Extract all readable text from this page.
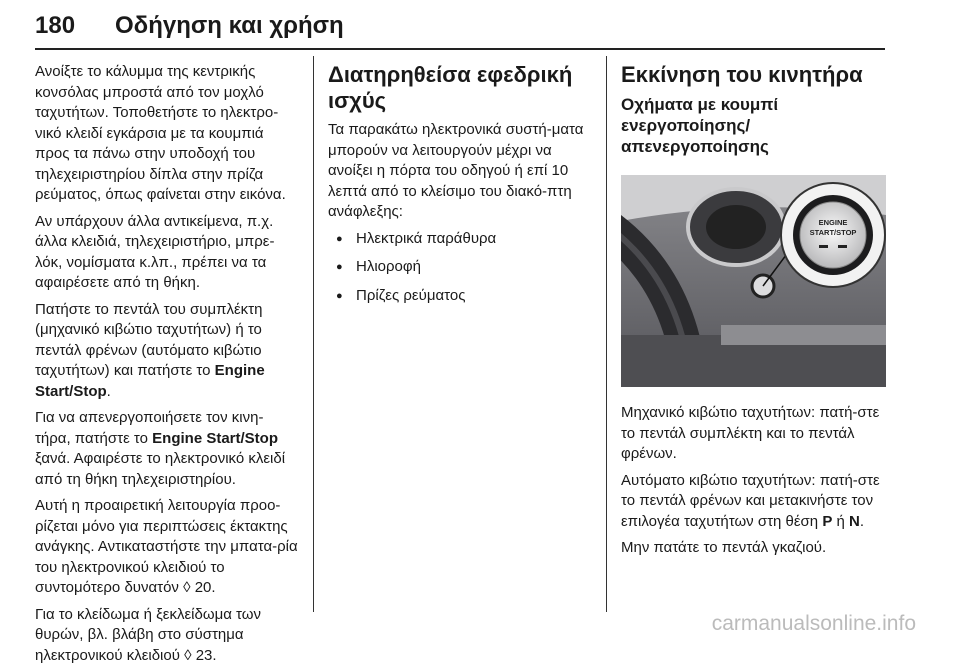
180 Οδήγηση και χρήση

Ανοίξτε το κάλυμμα της κεντρικής κονσόλας μπροστά από τον μοχλό ταχυτήτων. Τοποθετήστε το ηλεκτρο-νικό κλειδί εγκάρσια με τα κουμπιά προς τα πάνω στην υποδοχή του τηλεχειριστηρίου δίπλα στην πρίζα ρεύματος, όπως φαίνεται στην εικόνα.

Αν υπάρχουν άλλα αντικείμενα, π.χ. άλλα κλειδιά, τηλεχειριστήριο, μπρε-λόκ, νομίσματα κ.λπ., πρέπει να τα αφαιρέσετε από τη θήκη.

Πατήστε το πεντάλ του συμπλέκτη (μηχανικό κιβώτιο ταχυτήτων) ή το πεντάλ φρένων (αυτόματο κιβώτιο ταχυτήτων) και πατήστε το Engine Start/Stop.

Για να απενεργοποιήσετε τον κινη-τήρα, πατήστε το Engine Start/Stop ξανά. Αφαιρέστε το ηλεκτρονικό κλειδί από τη θήκη τηλεχειριστηρίου.

Αυτή η προαιρετική λειτουργία προο-ρίζεται μόνο για περιπτώσεις έκτακτης ανάγκης. Αντικαταστήστε την μπατα-ρία του ηλεκτρονικού κλειδιού το συντομότερο δυνατόν ◊ 20.

Για το κλείδωμα ή ξεκλείδωμα των θυρών, βλ. βλάβη στο σύστημα ηλεκτρονικού κλειδιού ◊ 23.

Διατηρηθείσα εφεδρική ισχύς

Τα παρακάτω ηλεκτρονικά συστή-ματα μπορούν να λειτουργούν μέχρι να ανοίξει η πόρτα του οδηγού ή επί 10 λεπτά από το κλείσιμο του διακό-πτη ανάφλεξης:

● Ηλεκτρικά παράθυρα
● Ηλιοροφή
● Πρίζες ρεύματος
Εκκίνηση του κινητήρα
Οχήματα με κουμπί ενεργοποίησης/ απενεργοποίησης
ENGINE
START/STOP

Μηχανικό κιβώτιο ταχυτήτων: πατή-στε το πεντάλ συμπλέκτη και το πεντάλ φρένων.

Αυτόματο κιβώτιο ταχυτήτων: πατή-στε το πεντάλ φρένων και μετακινήστε τον επιλογέα ταχυτήτων στη θέση P ή N.

Μην πατάτε το πεντάλ γκαζιού.

carmanualsonline.info
